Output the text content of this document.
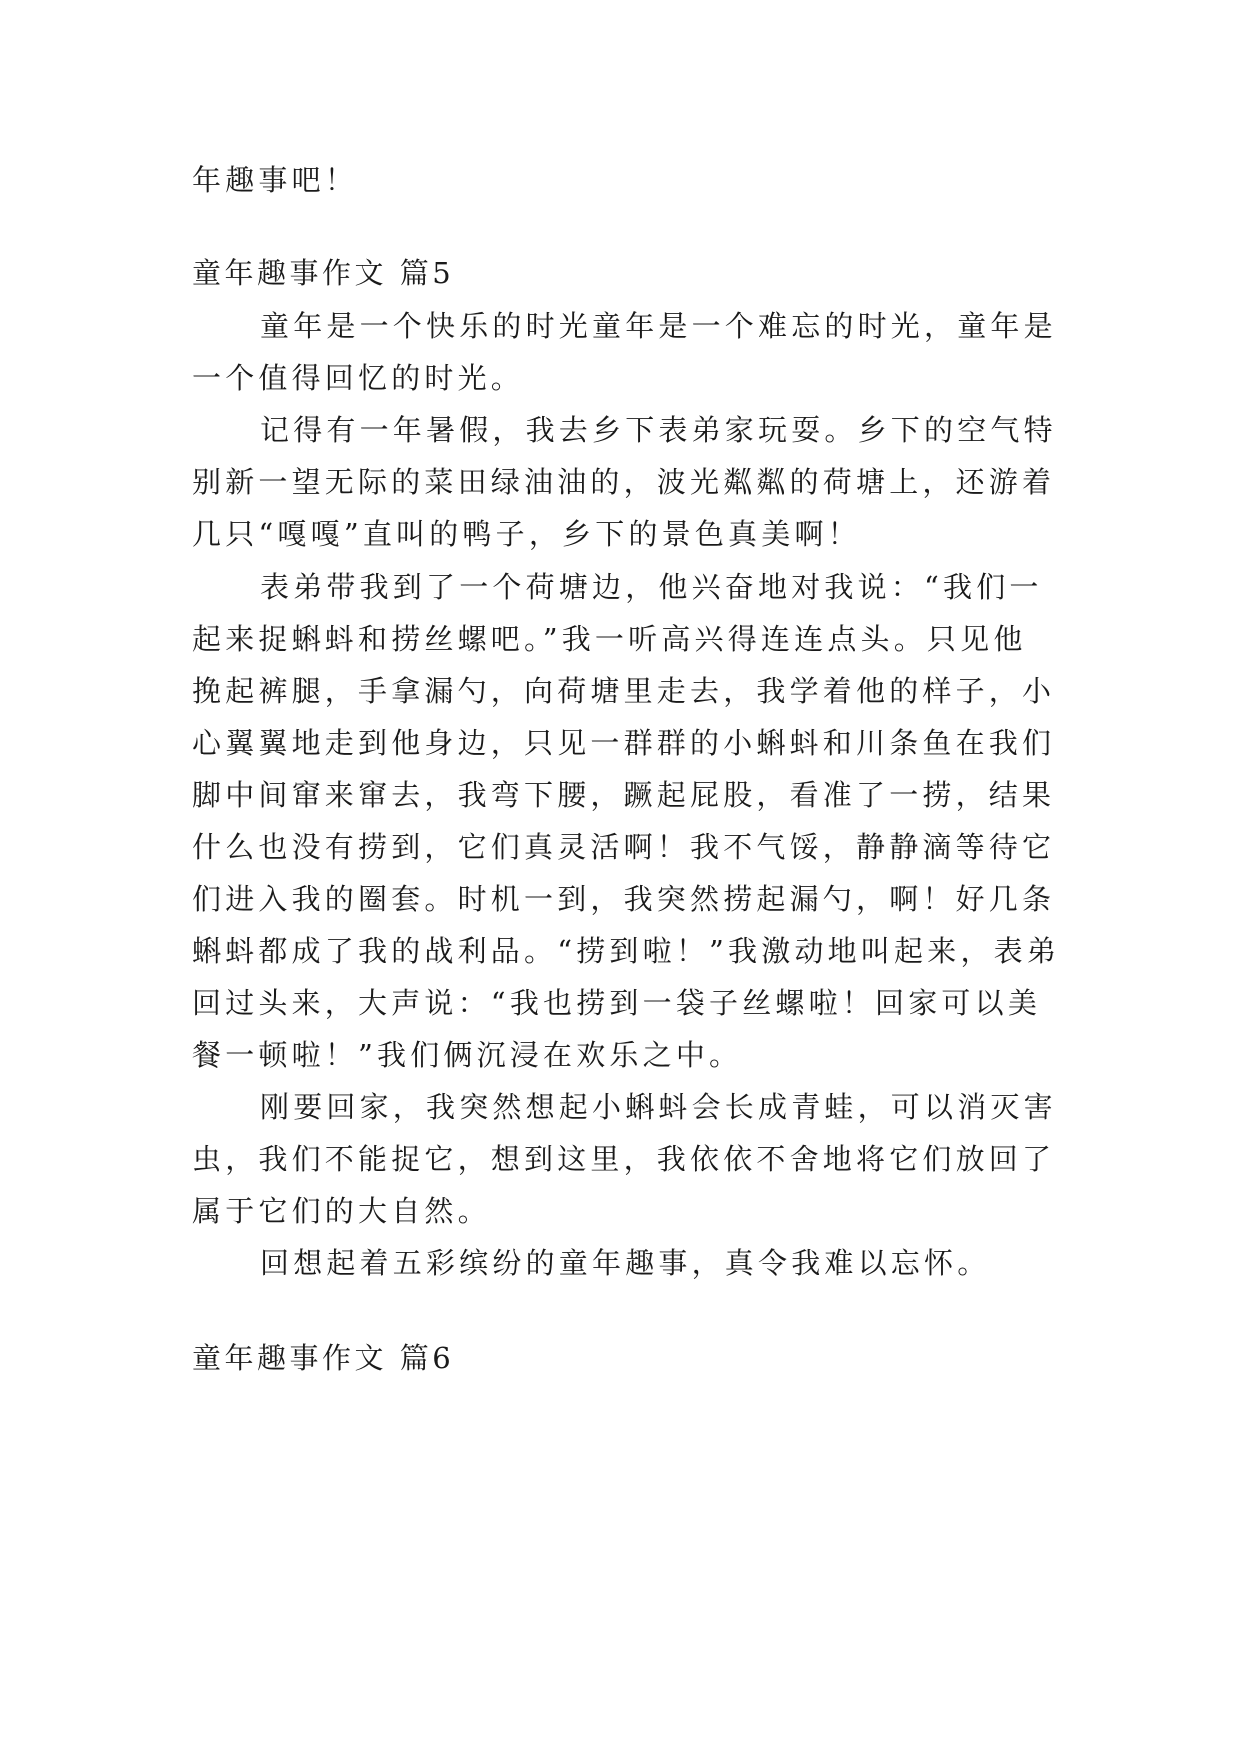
年趣事吧！
童年趣事作文 篇5
童年是一个快乐的时光童年是一个难忘的时光，童年是
一个值得回忆的时光。
记得有一年暑假，我去乡下表弟家玩耍。乡下的空气特
别新一望无际的菜田绿油油的，波光粼粼的荷塘上，还游着
几只“嘎嘎”直叫的鸭子，乡下的景色真美啊！
表弟带我到了一个荷塘边，他兴奋地对我说：“我们一
起来捉蝌蚪和捞丝螺吧。”我一听高兴得连连点头。只见他
挽起裤腿，手拿漏勺，向荷塘里走去，我学着他的样子，小
心翼翼地走到他身边，只见一群群的小蝌蚪和川条鱼在我们
脚中间窜来窜去，我弯下腰，蹶起屁股，看准了一捞，结果
什么也没有捞到，它们真灵活啊！我不气馁，静静滴等待它
们进入我的圈套。时机一到，我突然捞起漏勺，啊！好几条
蝌蚪都成了我的战利品。“捞到啦！”我激动地叫起来，表弟
回过头来，大声说：“我也捞到一袋子丝螺啦！回家可以美
餐一顿啦！”我们俩沉浸在欢乐之中。
刚要回家，我突然想起小蝌蚪会长成青蛙，可以消灭害
虫，我们不能捉它，想到这里，我依依不舍地将它们放回了
属于它们的大自然。
回想起着五彩缤纷的童年趣事，真令我难以忘怀。
童年趣事作文 篇6
